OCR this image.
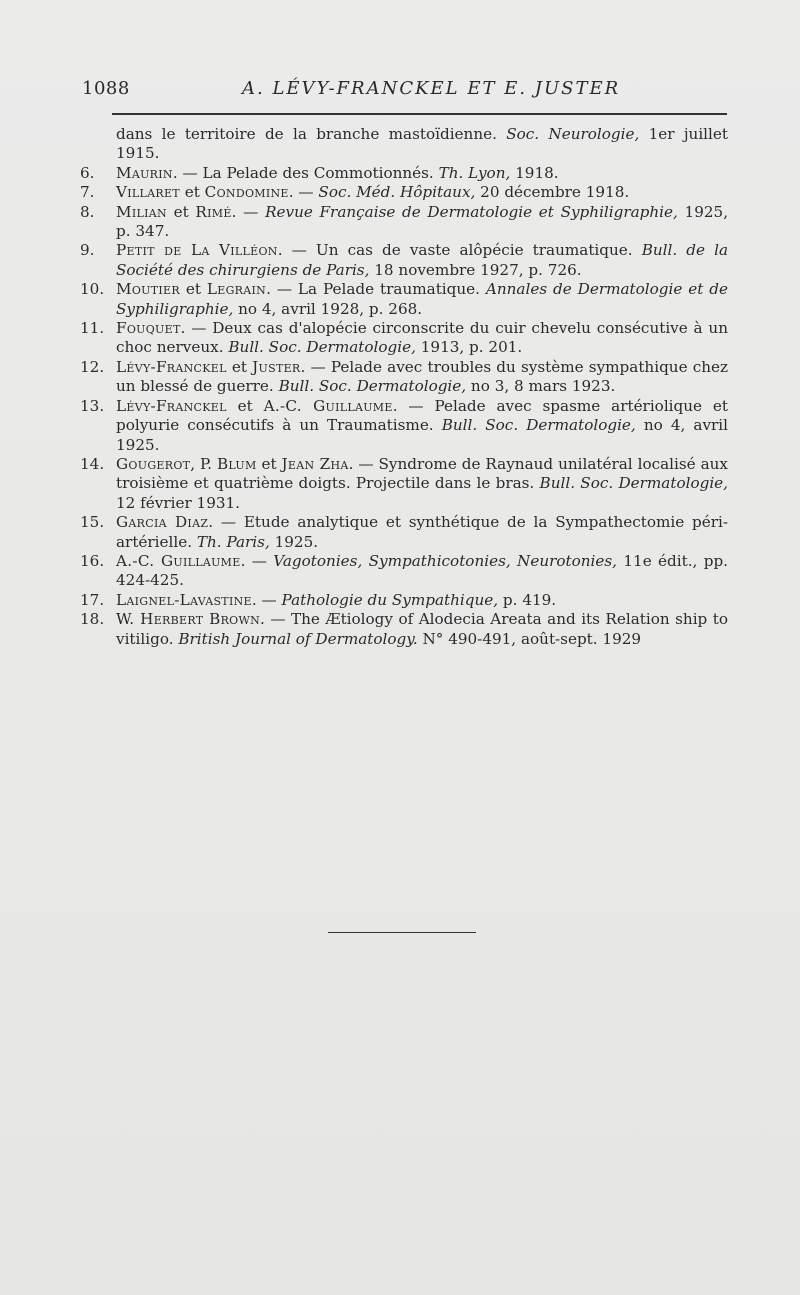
1088	A. LÉVY-FRANCKEL ET E. JUSTER

dans le territoire de la branche mastoïdienne. Soc. Neurologie, 1er juillet 1915.

6.	Maurin. — La Pelade des Commotionnés. Th. Lyon, 1918.

7.	Villaret et Condomine. — Soc. Méd. Hôpitaux, 20 décembre 1918.

8.	Milian et Rimé. — Revue Française de Dermatologie et Syphiligraphie, 1925, p. 347.

9.	Petit de La Villéon. — Un cas de vaste alôpécie traumatique. Bull. de la Société des chirurgiens de Paris, 18 novembre 1927, p. 726.

10. Moutier et Legrain. — La Pelade traumatique. Annales de Dermatologie et de Syphiligraphie, no 4, avril 1928, p. 268.

11. Fouquet. — Deux cas d'alopécie circonscrite du cuir chevelu consécutive à un choc nerveux. Bull. Soc. Dermatologie, 1913, p. 201.

12. Lévy-Franckel et Juster. — Pelade avec troubles du système sympathique chez un blessé de guerre. Bull. Soc. Dermatologie, no 3, 8 mars 1923.

13. Lévy-Franckel et A.-C. Guillaume. — Pelade avec spasme artériolique et polyurie consécutifs à un Traumatisme. Bull. Soc. Dermatologie, no 4, avril 1925.

14. Gougerot, P. Blum et Jean Zha. — Syndrome de Raynaud unilatéral localisé aux troisième et quatrième doigts. Projectile dans le bras. Bull. Soc. Dermatologie, 12 février 1931.

15. Garcia Diaz. — Etude analytique et synthétique de la Sympathectomie péri-artérielle. Th. Paris, 1925.

16. A.-C. Guillaume. — Vagotonies, Sympathicotonies, Neurotonies, 11e édit., pp. 424-425.

17. Laignel-Lavastine. — Pathologie du Sympathique, p. 419.

18. W. Herbert Brown. — The Ætiology of Alodecia Areata and its Relation ship to vitiligo. British Journal of Dermatology. N° 490-491, août-sept. 1929
